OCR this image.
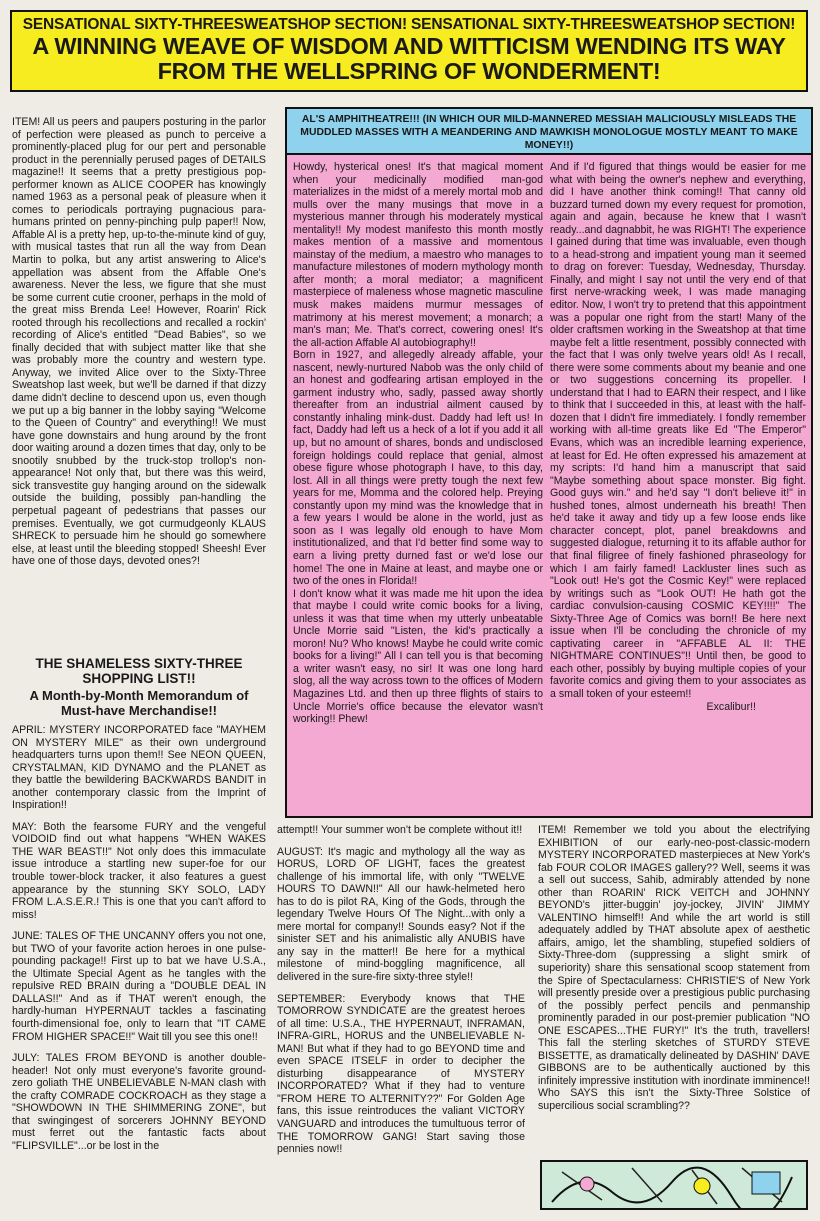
SENSATIONAL SIXTY-THREESWEATSHOP SECTION! SENSATIONAL SIXTY-THREESWEATSHOP SECTION!
A WINNING WEAVE OF WISDOM AND WITTICISM WENDING ITS WAY
FROM THE WELLSPRING OF WONDERMENT!

ITEM! All us peers and paupers posturing in the parlor of perfection were pleased as punch to perceive a prominently-placed plug for our pert and personable product in the perennially perused pages of DETAILS magazine!! It seems that a pretty prestigious pop-performer known as ALICE COOPER has knowingly named 1963 as a personal peak of pleasure when it comes to periodicals portraying pugnacious para-humans printed on penny-pinching pulp paper!! Now, Affable Al is a pretty hep, up-to-the-minute kind of guy, with musical tastes that run all the way from Dean Martin to polka, but any artist answering to Alice's appellation was absent from the Affable One's awareness. Never the less, we figure that she must be some current cutie crooner, perhaps in the mold of the great miss Brenda Lee! However, Roarin' Rick rooted through his recollections and recalled a rockin' recording of Alice's entitled "Dead Babies", so we finally decided that with subject matter like that she was probably more the country and western type. Anyway, we invited Alice over to the Sixty-Three Sweatshop last week, but we'll be darned if that dizzy dame didn't decline to descend upon us, even though we put up a big banner in the lobby saying "Welcome to the Queen of Country" and everything!! We must have gone downstairs and hung around by the front door waiting around a dozen times that day, only to be snootily snubbed by the truck-stop trollop's non-appearance! Not only that, but there was this weird, sick transvestite guy hanging around on the sidewalk outside the building, possibly pan-handling the perpetual pageant of pedestrians that passes our premises. Eventually, we got curmudgeonly KLAUS SHRECK to persuade him he should go somewhere else, at least until the bleeding stopped! Sheesh! Ever have one of those days, devoted ones?!

AL'S AMPHITHEATRE!!! (IN WHICH OUR MILD-MANNERED MESSIAH MALICIOUSLY MISLEADS THE MUDDLED MASSES WITH A MEANDERING AND MAWKISH MONOLOGUE MOSTLY MEANT TO MAKE MONEY!!)

Howdy, hysterical ones! It's that magical moment when your medicinally modified man-god materializes in the midst of a merely mortal mob and mulls over the many musings that move in a mysterious manner through his moderately mystical mentality!! My modest manifesto this month mostly makes mention of a massive and momentous mainstay of the medium, a maestro who manages to manufacture milestones of modern mythology month after month; a moral mediator; a magnificent masterpiece of maleness whose magnetic masculine musk makes maidens murmur messages of matrimony at his merest movement; a monarch; a man's man; Me. That's correct, cowering ones! It's the all-action Affable Al autobiography!!

Born in 1927, and allegedly already affable, your nascent, newly-nurtured Nabob was the only child of an honest and godfearing artisan employed in the garment industry who, sadly, passed away shortly thereafter from an industrial ailment caused by constantly inhaling mink-dust. Daddy had left us! In fact, Daddy had left us a heck of a lot if you add it all up, but no amount of shares, bonds and undisclosed foreign holdings could replace that genial, almost obese figure whose photograph I have, to this day, lost. All in all things were pretty tough the next few years for me, Momma and the colored help. Preying constantly upon my mind was the knowledge that in a few years I would be alone in the world, just as soon as I was legally old enough to have Mom institutionalized, and that I'd better find some way to earn a living pretty durned fast or we'd lose our home! The one in Maine at least, and maybe one or two of the ones in Florida!!

I don't know what it was made me hit upon the idea that maybe I could write comic books for a living, unless it was that time when my utterly unbeatable Uncle Morrie said "Listen, the kid's practically a moron! Nu? Who knows! Maybe he could write comic books for a living!" All I can tell you is that becoming a writer wasn't easy, no sir! It was one long hard slog, all the way across town to the offices of Modern Magazines Ltd. and then up three flights of stairs to Uncle Morrie's office because the elevator wasn't working!! Phew!

And if I'd figured that things would be easier for me what with being the owner's nephew and everything, did I have another think coming!! That canny old buzzard turned down my every request for promotion, again and again, because he knew that I wasn't ready...and dagnabbit, he was RIGHT! The experience I gained during that time was invaluable, even though to a head-strong and impatient young man it seemed to drag on forever: Tuesday, Wednesday, Thursday. Finally, and might I say not until the very end of that first nerve-wracking week, I was made managing editor. Now, I won't try to pretend that this appointment was a popular one right from the start! Many of the older craftsmen working in the Sweatshop at that time maybe felt a little resentment, possibly connected with the fact that I was only twelve years old! As I recall, there were some comments about my beanie and one or two suggestions concerning its propeller. I understand that I had to EARN their respect, and I like to think that I succeeded in this, at least with the half-dozen that I didn't fire immediately. I fondly remember working with all-time greats like Ed "The Emperor" Evans, which was an incredible learning experience, at least for Ed. He often expressed his amazement at my scripts: I'd hand him a manuscript that said "Maybe something about space monster. Big fight. Good guys win." and he'd say "I don't believe it!" in hushed tones, almost underneath his breath! Then he'd take it away and tidy up a few loose ends like character concept, plot, panel breakdowns and suggested dialogue, returning it to its affable author for that final filigree of finely fashioned phraseology for which I am fairly famed! Lackluster lines such as "Look out! He's got the Cosmic Key!" were replaced by writings such as "Look OUT! He hath got the cardiac convulsion-causing COSMIC KEY!!!!" The Sixty-Three Age of Comics was born!! Be here next issue when I'll be concluding the chronicle of my captivating career in "AFFABLE AL II: THE NIGHTMARE CONTINUES"!! Until then, be good to each other, possibly by buying multiple copies of your favorite comics and giving them to your associates as a small token of your esteem!!

Excalibur!!

THE SHAMELESS SIXTY-THREE SHOPPING LIST!!
A Month-by-Month Memorandum of Must-have Merchandise!!

APRIL: MYSTERY INCORPORATED face "MAYHEM ON MYSTERY MILE" as their own underground headquarters turns upon them!! See NEON QUEEN, CRYSTALMAN, KID DYNAMO and the PLANET as they battle the bewildering BACKWARDS BANDIT in another contemporary classic from the Imprint of Inspiration!!

MAY: Both the fearsome FURY and the vengeful VOIDOID find out what happens "WHEN WAKES THE WAR BEAST!!" Not only does this immaculate issue introduce a startling new super-foe for our trouble tower-block tracker, it also features a guest appearance by the stunning SKY SOLO, LADY FROM L.A.S.E.R.! This is one that you can't afford to miss!

JUNE: TALES OF THE UNCANNY offers you not one, but TWO of your favorite action heroes in one pulse-pounding package!! First up to bat we have U.S.A., the Ultimate Special Agent as he tangles with the repulsive RED BRAIN during a "DOUBLE DEAL IN DALLAS!!" And as if THAT weren't enough, the hardly-human HYPERNAUT tackles a fascinating fourth-dimensional foe, only to learn that "IT CAME FROM HIGHER SPACE!!" Wait till you see this one!!

JULY: TALES FROM BEYOND is another double-header! Not only must everyone's favorite ground-zero goliath THE UNBELIEVABLE N-MAN clash with the crafty COMRADE COCKROACH as they stage a "SHOWDOWN IN THE SHIMMERING ZONE", but that swingingest of sorcerers JOHNNY BEYOND must ferret out the fantastic facts about "FLIPSVILLE"...or be lost in the

attempt!! Your summer won't be complete without it!!

AUGUST: It's magic and mythology all the way as HORUS, LORD OF LIGHT, faces the greatest challenge of his immortal life, with only "TWELVE HOURS TO DAWN!!" All our hawk-helmeted hero has to do is pilot RA, King of the Gods, through the legendary Twelve Hours Of The Night...with only a mere mortal for company!! Sounds easy? Not if the sinister SET and his animalistic ally ANUBIS have any say in the matter!! Be here for a mythical milestone of mind-boggling magnificence, all delivered in the sure-fire sixty-three style!!

SEPTEMBER: Everybody knows that THE TOMORROW SYNDICATE are the greatest heroes of all time: U.S.A., THE HYPERNAUT, INFRAMAN, INFRA-GIRL, HORUS and the UNBELIEVABLE N-MAN! But what if they had to go BEYOND time and even SPACE ITSELF in order to decipher the disturbing disappearance of MYSTERY INCORPORATED? What if they had to venture "FROM HERE TO ALTERNITY??" For Golden Age fans, this issue reintroduces the valiant VICTORY VANGUARD and introduces the tumultuous terror of THE TOMORROW GANG! Start saving those pennies now!!

ITEM! Remember we told you about the electrifying EXHIBITION of our early-neo-post-classic-modern MYSTERY INCORPORATED masterpieces at New York's fab FOUR COLOR IMAGES gallery?? Well, seems it was a sell out success, Sahib, admirably attended by none other than ROARIN' RICK VEITCH and JOHNNY BEYOND's jitter-buggin' joy-jockey, JIVIN' JIMMY VALENTINO himself!! And while the art world is still adequately addled by THAT absolute apex of aesthetic affairs, amigo, let the shambling, stupefied soldiers of Sixty-Three-dom (suppressing a slight smirk of superiority) share this sensational scoop statement from the Spire of Spectacularness: CHRISTIE'S of New York will presently preside over a prestigious public purchasing of the possibly perfect pencils and penmanship prominently paraded in our post-premier publication "NO ONE ESCAPES...THE FURY!" It's the truth, travellers! This fall the sterling sketches of STURDY STEVE BISSETTE, as dramatically delineated by DASHIN' DAVE GIBBONS are to be authentically auctioned by this infinitely impressive institution with inordinate imminence!! Who SAYS this isn't the Sixty-Three Solstice of supercilious social scrambling??
